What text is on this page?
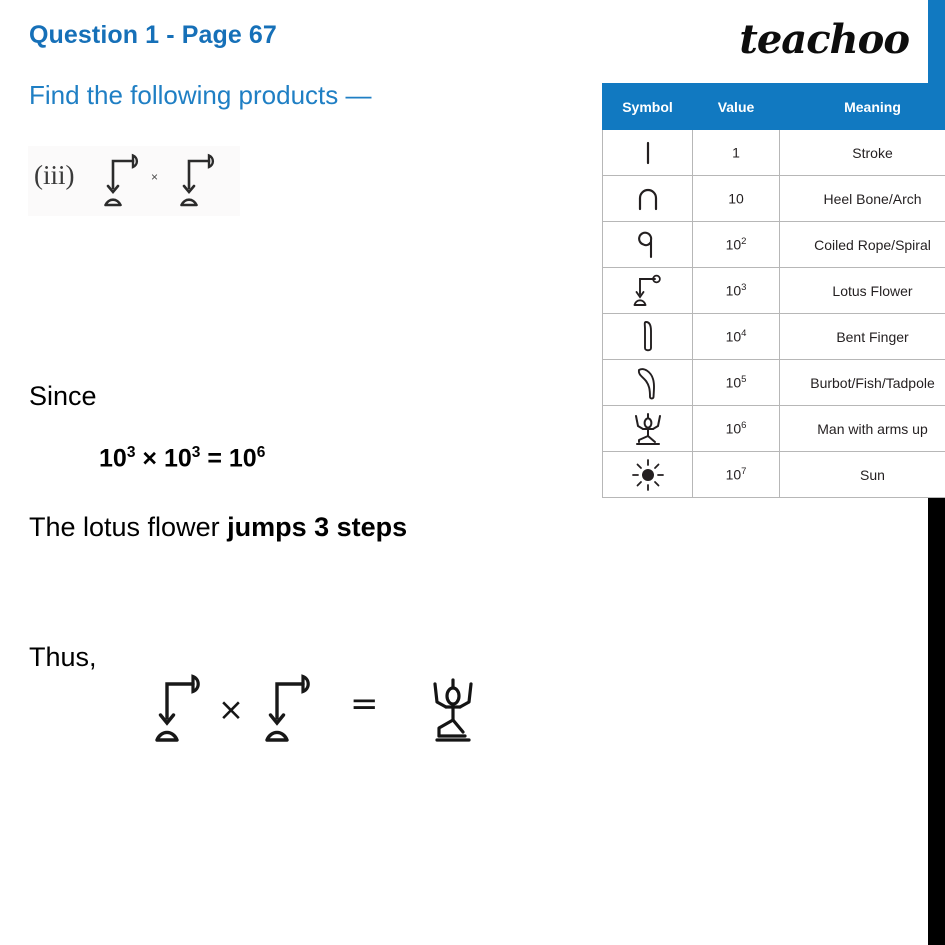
Question 1 - Page 67	teachoo
Find the following products —
(iii)	×
Since
$10^3 \times 10^3 = 10^6$
The lotus flower jumps 3 steps
Thus,
×	=
Symbol	Value	Meaning

	1	Stroke

	10	Heel Bone/Arch

	$10^2$	Coiled Rope/Spiral

	$10^3$	Lotus Flower

	$10^4$	Bent Finger

	$10^5$	Burbot/Fish/Tadpole

	$10^6$	Man with arms up

	$10^7$	Sun
